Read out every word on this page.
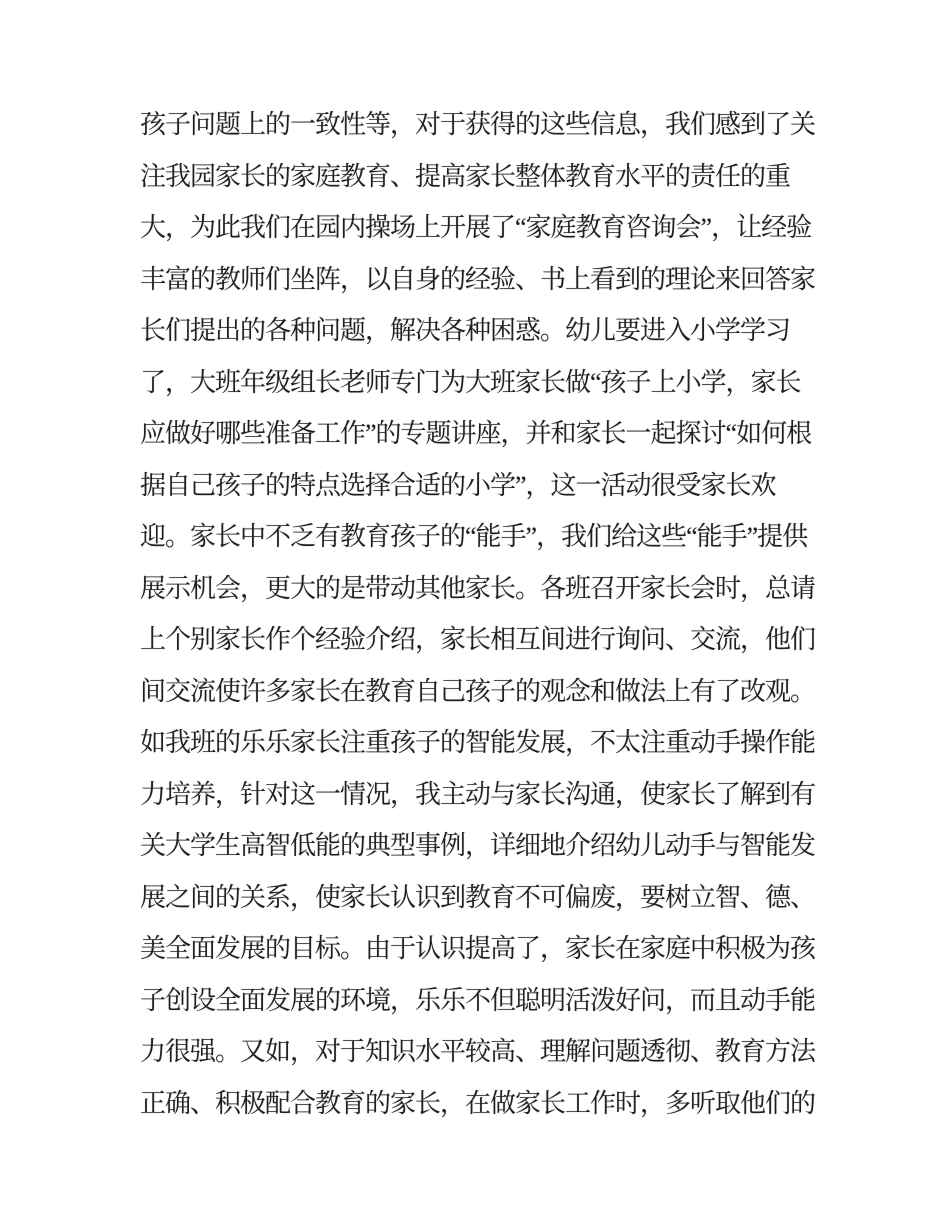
孩子问题上的一致性等，对于获得的这些信息，我们感到了关
注我园家长的家庭教育、提高家长整体教育水平的责任的重
大，为此我们在园内操场上开展了“家庭教育咨询会”，让经验
丰富的教师们坐阵，以自身的经验、书上看到的理论来回答家
长们提出的各种问题，解决各种困惑。幼儿要进入小学学习
了，大班年级组长老师专门为大班家长做“孩子上小学，家长
应做好哪些准备工作”的专题讲座，并和家长一起探讨“如何根
据自己孩子的特点选择合适的小学”，这一活动很受家长欢
迎。家长中不乏有教育孩子的“能手”，我们给这些“能手”提供
展示机会，更大的是带动其他家长。各班召开家长会时，总请
上个别家长作个经验介绍，家长相互间进行询问、交流，他们
间交流使许多家长在教育自己孩子的观念和做法上有了改观。
如我班的乐乐家长注重孩子的智能发展，不太注重动手操作能
力培养，针对这一情况，我主动与家长沟通，使家长了解到有
关大学生高智低能的典型事例，详细地介绍幼儿动手与智能发
展之间的关系，使家长认识到教育不可偏废，要树立智、德、
美全面发展的目标。由于认识提高了，家长在家庭中积极为孩
子创设全面发展的环境，乐乐不但聪明活泼好问，而且动手能
力很强。又如，对于知识水平较高、理解问题透彻、教育方法
正确、积极配合教育的家长，在做家长工作时，多听取他们的
